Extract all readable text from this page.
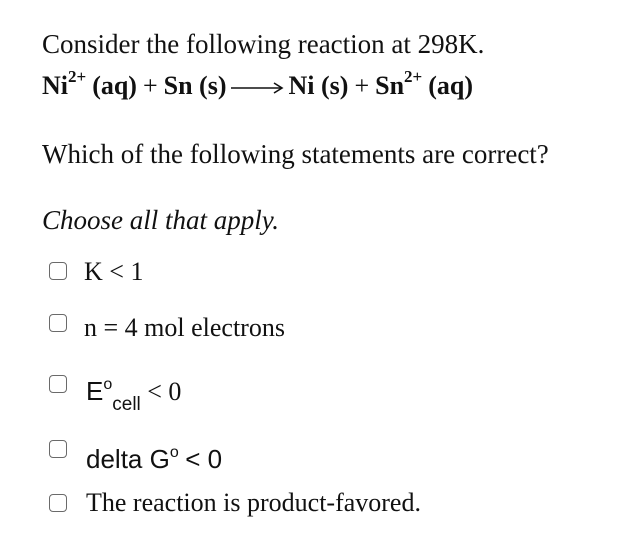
Consider the following reaction at 298K.
$Ni^{2+}$ (aq) + Sn (s) → Ni $(s) + Sn^{2+}$ (aq)
Which of the following statements are correct?
Choose all that apply.
K < 1
n = 4 mol electrons
$E^o_{cell} < 0$
delta $G^o < 0$
The reaction is product-favored.
